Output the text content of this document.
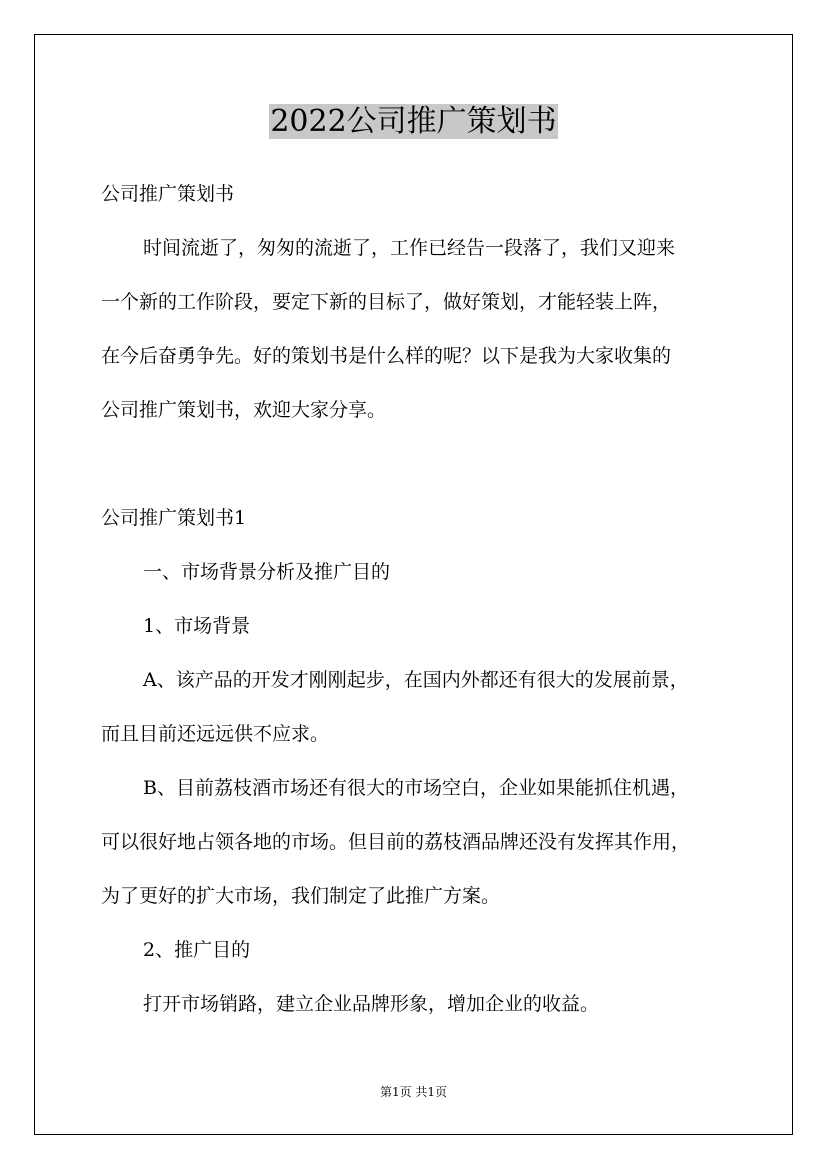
2022公司推广策划书
公司推广策划书
时间流逝了，匆匆的流逝了，工作已经告一段落了，我们又迎来
一个新的工作阶段，要定下新的目标了，做好策划，才能轻装上阵，
在今后奋勇争先。好的策划书是什么样的呢？以下是我为大家收集的
公司推广策划书，欢迎大家分享。
公司推广策划书1
一、市场背景分析及推广目的
1、市场背景
A、该产品的开发才刚刚起步，在国内外都还有很大的发展前景，
而且目前还远远供不应求。
B、目前荔枝酒市场还有很大的市场空白，企业如果能抓住机遇，
可以很好地占领各地的市场。但目前的荔枝酒品牌还没有发挥其作用，
为了更好的扩大市场，我们制定了此推广方案。
2、推广目的
打开市场销路，建立企业品牌形象，增加企业的收益。
第1页 共1页
